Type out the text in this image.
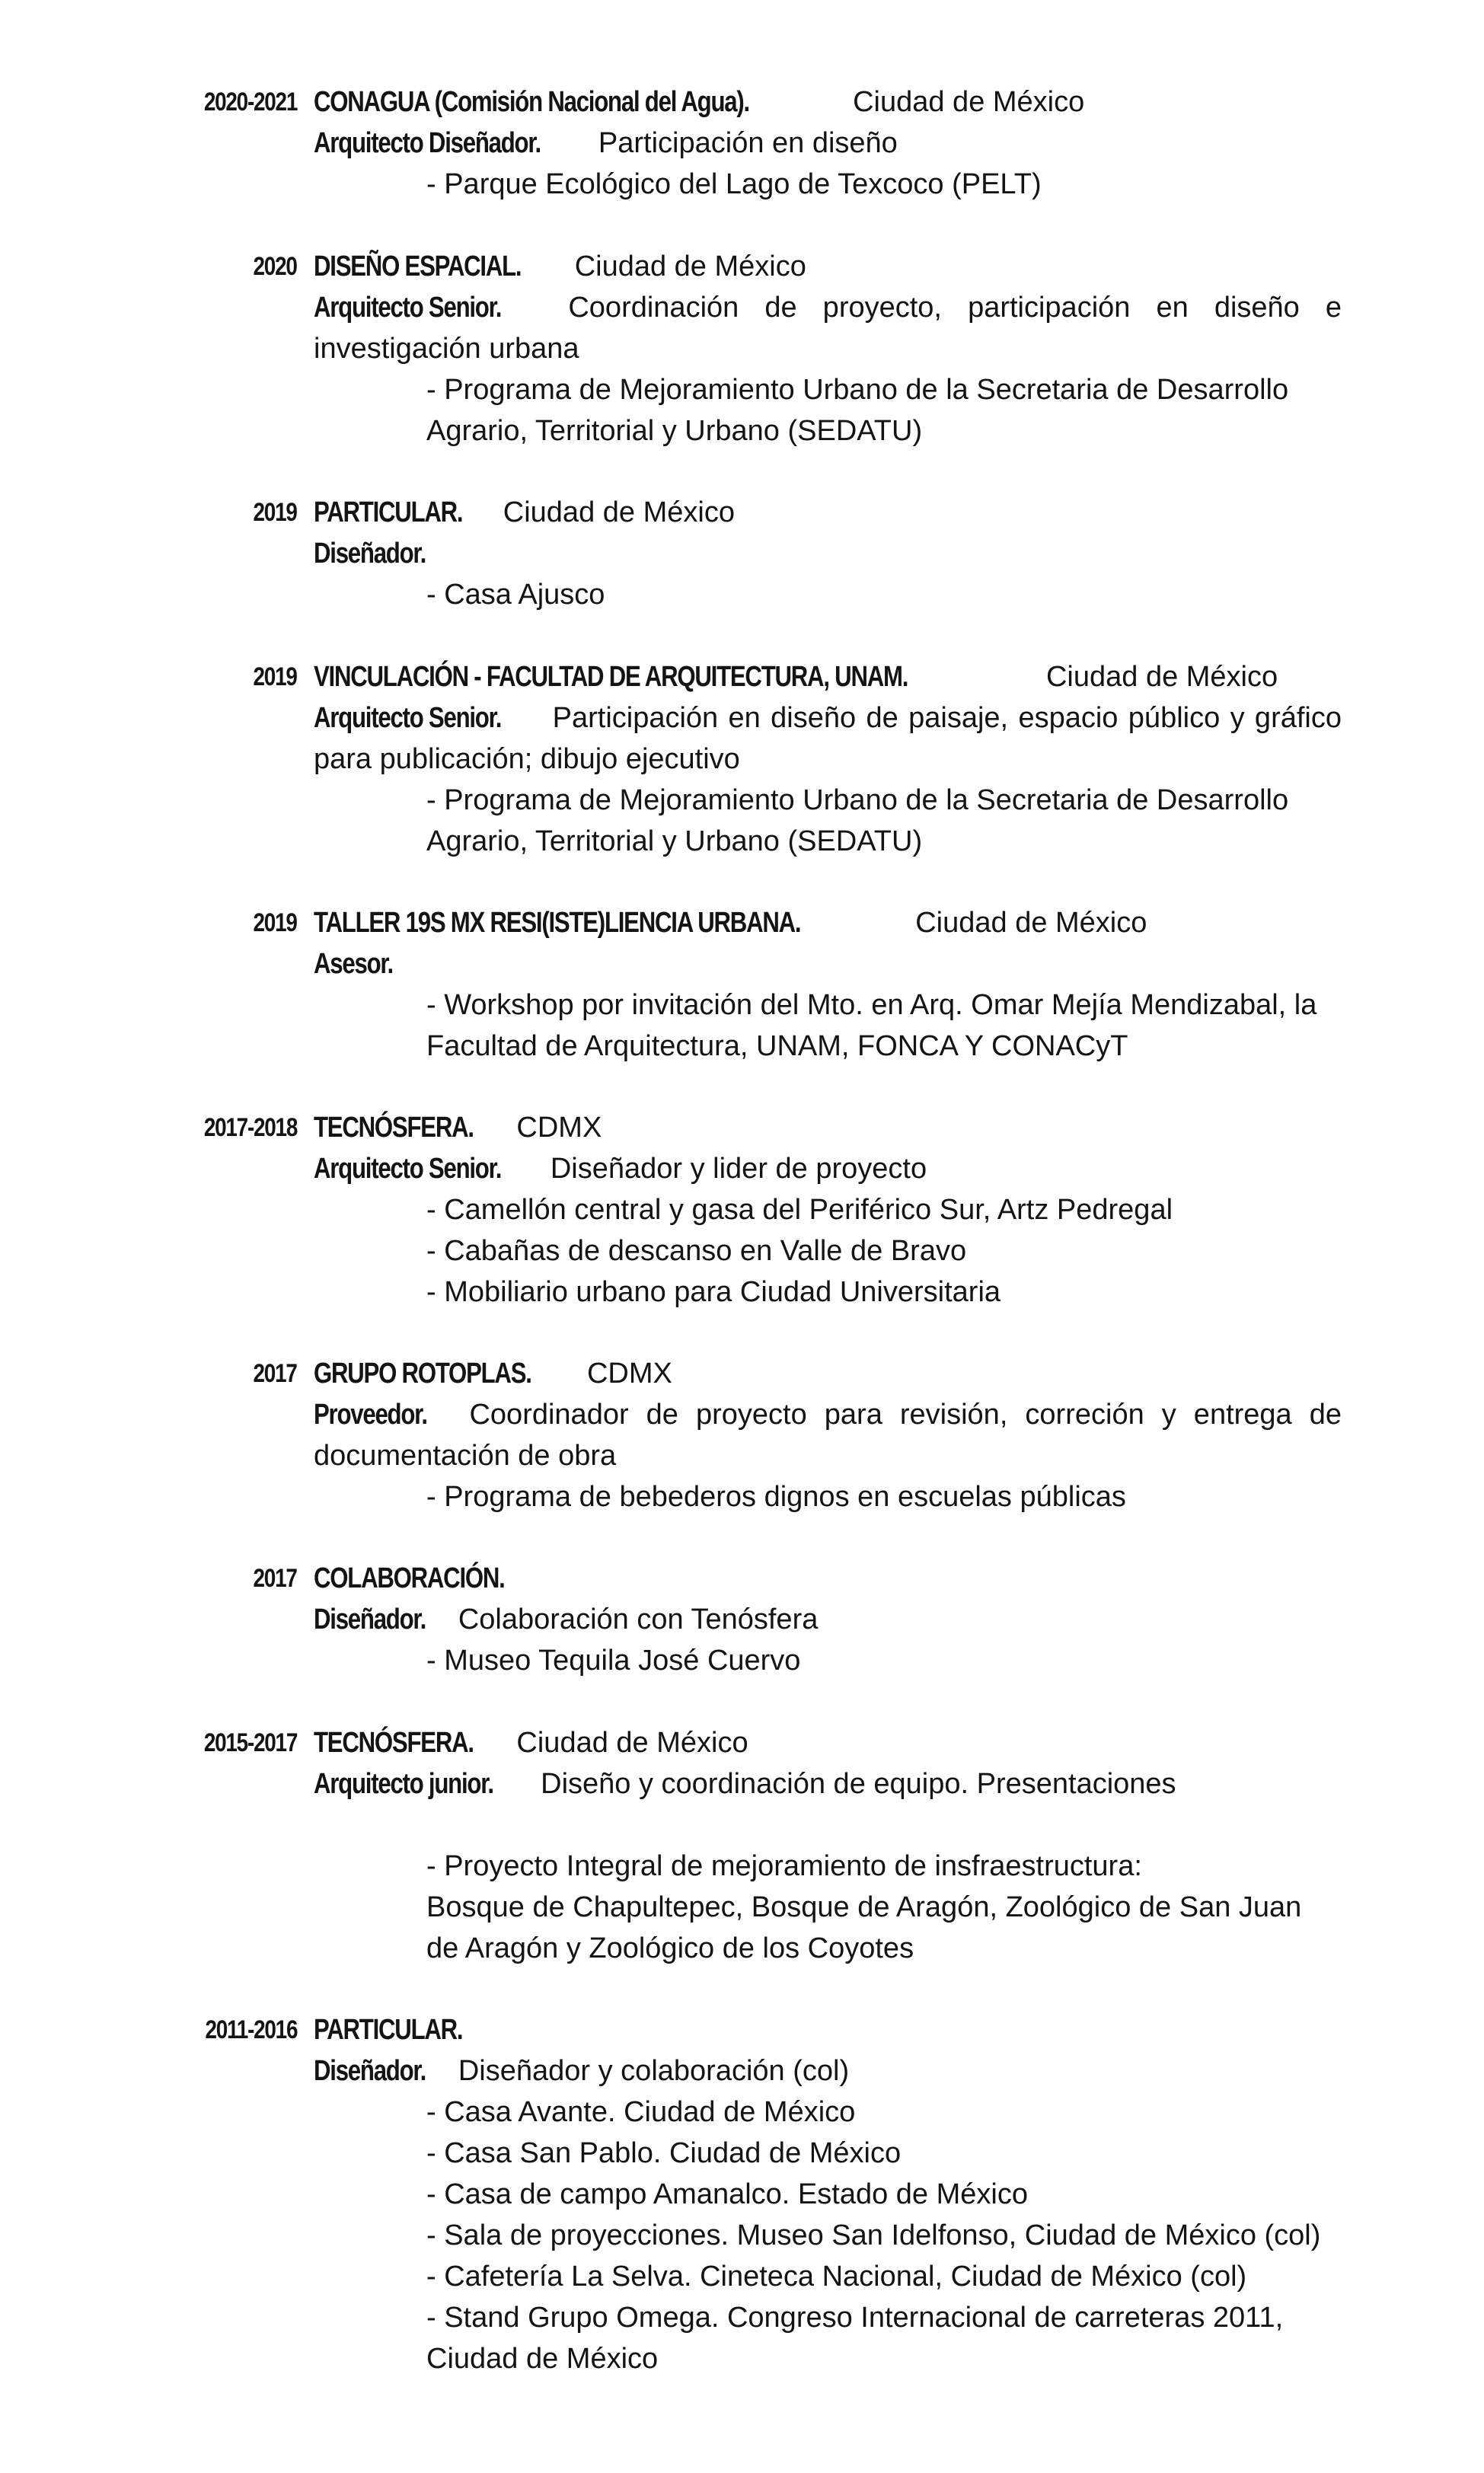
2020-2021 CONAGUA (Comisión Nacional del Agua).	Ciudad de México
Arquitecto Diseñador. Participación en diseño
- Parque Ecológico del Lago de Texcoco (PELT)
2020 DISEÑO ESPACIAL. Ciudad de México
Arquitecto Senior. Coordinación de proyecto, participación en diseño e investigación urbana
- Programa de Mejoramiento Urbano de la Secretaria de Desarrollo
Agrario, Territorial y Urbano (SEDATU)
2019 PARTICULAR. Ciudad de México
Diseñador.
- Casa Ajusco
2019 VINCULACIÓN - FACULTAD DE ARQUITECTURA, UNAM.	Ciudad de México
Arquitecto Senior. Participación en diseño de paisaje, espacio público y gráfico para publicación; dibujo ejecutivo
- Programa de Mejoramiento Urbano de la Secretaria de Desarrollo
Agrario, Territorial y Urbano (SEDATU)
2019 TALLER 19S MX RESI(ISTE)LIENCIA URBANA.	Ciudad de México
Asesor.
- Workshop por invitación del Mto. en Arq. Omar Mejía Mendizabal, la
Facultad de Arquitectura, UNAM, FONCA Y CONACyT
2017-2018 TECNÓSFERA. CDMX
Arquitecto Senior. Diseñador y lider de proyecto
- Camellón central y gasa del Periférico Sur, Artz Pedregal
- Cabañas de descanso en Valle de Bravo
- Mobiliario urbano para Ciudad Universitaria
2017 GRUPO ROTOPLAS. CDMX
Proveedor. Coordinador de proyecto para revisión, correción y entrega de documentación de obra
- Programa de bebederos dignos en escuelas públicas
2017 COLABORACIÓN.
Diseñador. Colaboración con Tenósfera
- Museo Tequila José Cuervo
2015-2017 TECNÓSFERA. Ciudad de México
Arquitecto junior. Diseño y coordinación de equipo. Presentaciones
- Proyecto Integral de mejoramiento de insfraestructura:
Bosque de Chapultepec, Bosque de Aragón, Zoológico de San Juan
de Aragón y Zoológico de los Coyotes
2011-2016 PARTICULAR.
Diseñador. Diseñador y colaboración (col)
- Casa Avante. Ciudad de México
- Casa San Pablo. Ciudad de México
- Casa de campo Amanalco. Estado de México
- Sala de proyecciones. Museo San Idelfonso, Ciudad de México (col)
- Cafetería La Selva. Cineteca Nacional, Ciudad de México (col)
- Stand Grupo Omega. Congreso Internacional de carreteras 2011,
Ciudad de México
